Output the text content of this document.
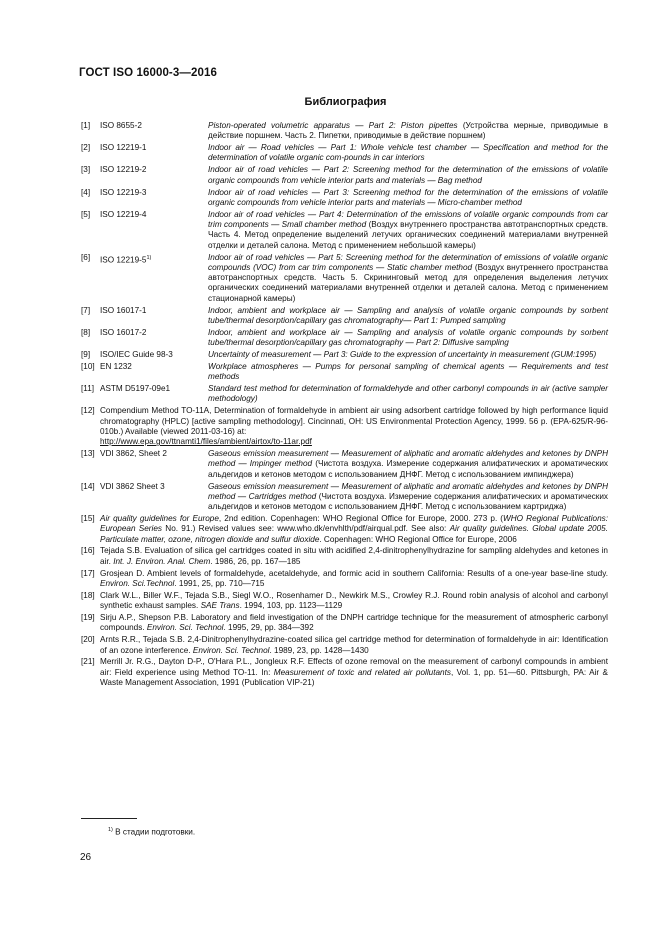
ГОСТ ISO 16000-3—2016
Библиография
[1]	ISO 8655-2	Piston-operated volumetric apparatus — Part 2: Piston pipettes (Устройства мерные, приводимые в действие поршнем. Часть 2. Пипетки, приводимые в действие поршнем)
[2]	ISO 12219-1	Indoor air — Road vehicles — Part 1: Whole vehicle test chamber — Specification and method for the determination of volatile organic com-pounds in car interiors
[3]	ISO 12219-2	Indoor air of road vehicles — Part 2: Screening method for the determination of the emissions of volatile organic compounds from vehicle interior parts and materials — Bag method
[4]	ISO 12219-3	Indoor air of road vehicles — Part 3: Screening method for the determination of the emissions of volatile organic compounds from vehicle interior parts and materials — Micro-chamber method
[5]	ISO 12219-4	Indoor air of road vehicles — Part 4: Determination of the emissions of volatile organic compounds from car trim components — Small chamber method (Воздух внутреннего пространства автотранспортных средств. Часть 4. Метод определение выделений летучих органических соединений материалами внутренней отделки и деталей салона. Метод с применением небольшой камеры)
[6]	ISO 12219-5$^{1)}$	Indoor air of road vehicles — Part 5: Screening method for the determination of emissions of volatile organic compounds (VOC) from car trim components — Static chamber method (Воздух внутреннего пространства автотранспортных средств. Часть 5. Скрининговый метод для определения выделения летучих органических соединений материалами внутренней отделки и деталей салона. Метод с применением стационарной камеры)
[7]	ISO 16017-1	Indoor, ambient and workplace air — Sampling and analysis of volatile organic compounds by sorbent tube/thermal desorption/capillary gas chromatography— Part 1: Pumped sampling
[8]	ISO 16017-2	Indoor, ambient and workplace air — Sampling and analysis of volatile organic compounds by sorbent tube/thermal desorption/capillary gas chromatography — Part 2: Diffusive sampling
[9]	ISO/IEC Guide 98-3	Uncertainty of measurement — Part 3: Guide to the expression of uncertainty in measurement (GUM:1995)
[10] EN 1232	Workplace atmospheres — Pumps for personal sampling of chemical agents — Requirements and test methods
[11] ASTM D5197-09e1	Standard test method for determination of formaldehyde and other carbonyl compounds in air (active sampler methodology)
[12] Compendium Method TO-11A, Determination of formaldehyde in ambient air using adsorbent cartridge followed by high performance liquid chromatography (HPLC) [active sampling methodology]. Cincinnati, OH: US Environmental Protection Agency, 1999. 56 p. (EPA-625/R-96-010b.) Available (viewed 2011-03-16) at:
http://www.epa.gov/ttnamti1/files/ambient/airtox/to-11ar.pdf
[13] VDI 3862, Sheet 2	Gaseous emission measurement — Measurement of aliphatic and aromatic aldehydes and ketones by DNPH method — Impinger method (Чистота воздуха. Измерение содержания алифатических и ароматических альдегидов и кетонов методом с использованием ДНФГ. Метод с использованием импинджера)
[14] VDI 3862 Sheet 3	Gaseous emission measurement — Measurement of aliphatic and aromatic aldehydes and ketones by DNPH method — Cartridges method (Чистота воздуха. Измерение содержания алифатических и ароматических альдегидов и кетонов методом с использованием ДНФГ. Метод с использованием картриджа)
[15] Air quality guidelines for Europe, 2nd edition. Copenhagen: WHO Regional Office for Europe, 2000. 273 p. (WHO Regional Publications: European Series No. 91.) Revised values see: www.who.dk/envhlth/pdf/airqual.pdf. See also: Air quality guidelines. Global update 2005. Particulate matter, ozone, nitrogen dioxide and sulfur dioxide. Copenhagen: WHO Regional Office for Europe, 2006
[16] Tejada S.B. Evaluation of silica gel cartridges coated in situ with acidified 2,4-dinitrophenylhydrazine for sampling aldehydes and ketones in air. Int. J. Environ. Anal. Chem. 1986, 26, pp. 167—185
[17] Grosjean D. Ambient levels of formaldehyde, acetaldehyde, and formic acid in southern California: Results of a one-year base-line study. Environ. Sci.Technol. 1991, 25, pp. 710—715
[18] Clark W.L., Biller W.F., Tejada S.B., Siegl W.O., Rosenhamer D., Newkirk M.S., Crowley R.J. Round robin analysis of alcohol and carbonyl synthetic exhaust samples. SAE Trans. 1994, 103, pp. 1123—1129
[19] Sirju A.P., Shepson P.B. Laboratory and field investigation of the DNPH cartridge technique for the measurement of atmospheric carbonyl compounds. Environ. Sci. Technol. 1995, 29, pp. 384—392
[20] Arnts R.R., Tejada S.B. 2,4-Dinitrophenylhydrazine-coated silica gel cartridge method for determination of formaldehyde in air: Identification of an ozone interference. Environ. Sci. Technol. 1989, 23, pp. 1428—1430
[21] Merrill Jr. R.G., Dayton D-P., O'Hara P.L., Jongleux R.F. Effects of ozone removal on the measurement of carbonyl compounds in ambient air: Field experience using Method TO-11. In: Measurement of toxic and related air pollutants, Vol. 1, pp. 51—60. Pittsburgh, PA: Air & Waste Management Association, 1991 (Publication VIP-21)
$^{1)}$ В стадии подготовки.
26
